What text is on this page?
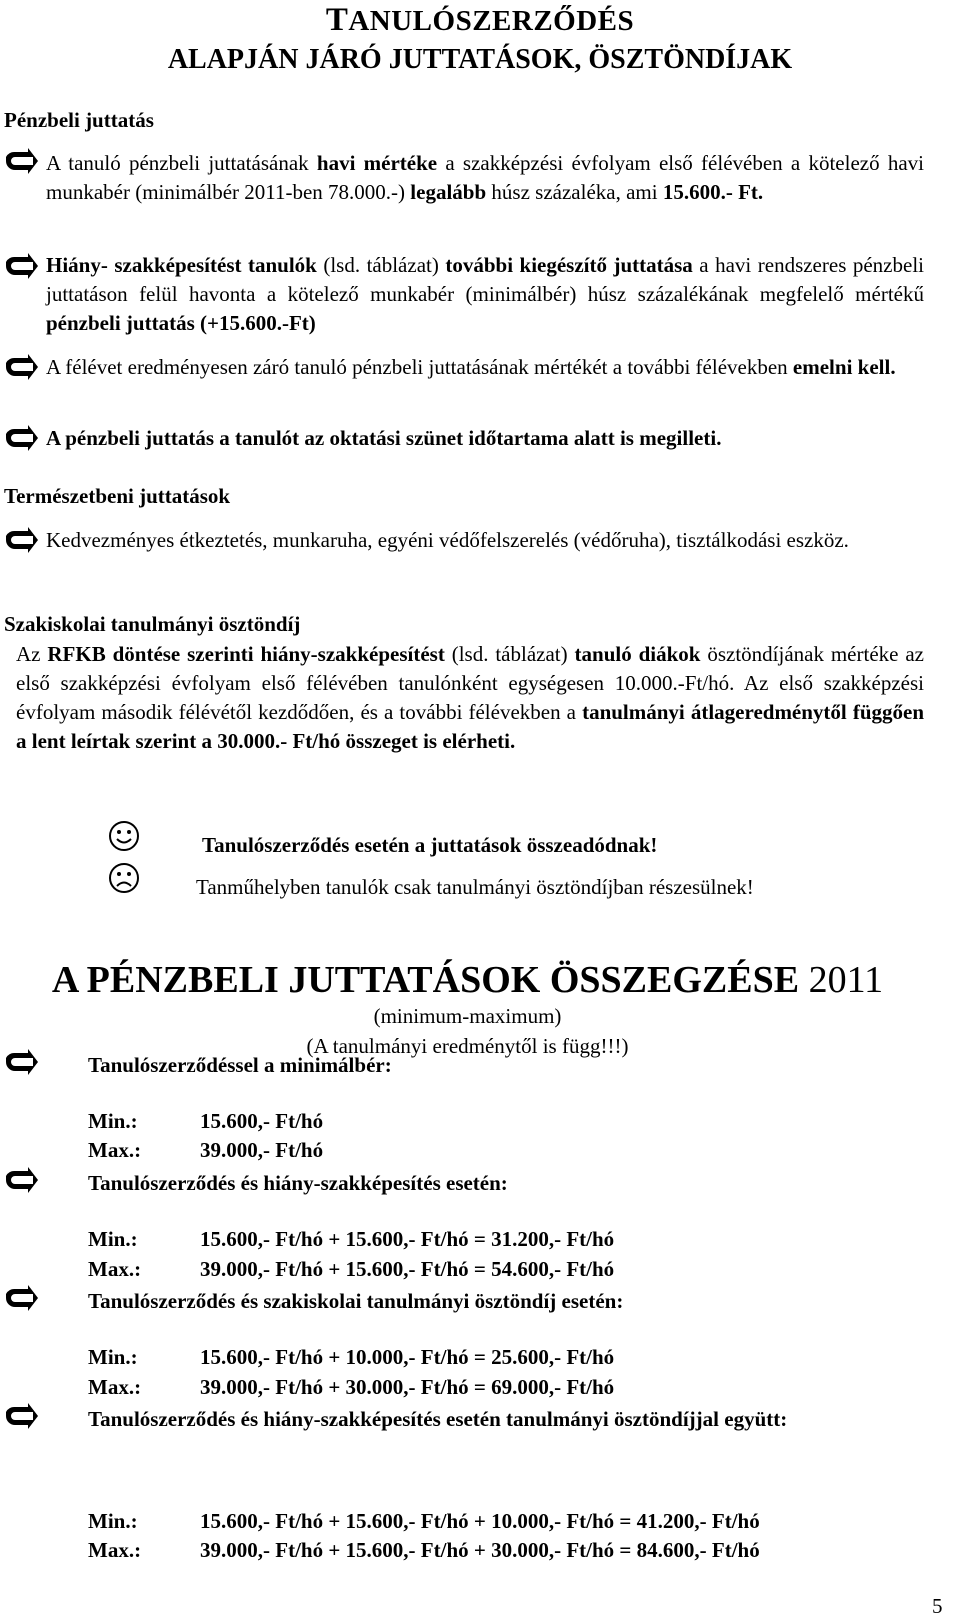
TANULÓSZERZŐDÉS
ALAPJÁN JÁRÓ JUTTATÁSOK, ÖSZTÖNDÍJAK
Pénzbeli juttatás
A tanuló pénzbeli juttatásának havi mértéke a szakképzési évfolyam első félévében a kötelező havi munkabér (minimálbér 2011-ben 78.000.-) legalább húsz százaléka, ami 15.600.- Ft.
Hiány- szakképesítést tanulók (lsd. táblázat) további kiegészítő juttatása a havi rendszeres pénzbeli juttatáson felül havonta a kötelező munkabér (minimálbér) húsz százalékának megfelelő mértékű pénzbeli juttatás (+15.600.-Ft)
A félévet eredményesen záró tanuló pénzbeli juttatásának mértékét a további félévekben emelni kell.
A pénzbeli juttatás a tanulót az oktatási szünet időtartama alatt is megilleti.
Természetbeni juttatások
Kedvezményes étkeztetés, munkaruha, egyéni védőfelszerelés (védőruha), tisztálkodási eszköz.
Szakiskolai tanulmányi ösztöndíj
Az RFKB döntése szerinti hiány-szakképesítést (lsd. táblázat) tanuló diákok ösztöndíjának mértéke az első szakképzési évfolyam első félévében tanulónként egységesen 10.000.-Ft/hó. Az első szakképzési évfolyam második félévétől kezdődően, és a további félévekben a tanulmányi átlageredménytől függően a lent leírtak szerint a 30.000.- Ft/hó összeget is elérheti.
Tanulószerződés esetén a juttatások összeadódnak!
Tanműhelyben tanulók csak tanulmányi ösztöndíjban részesülnek!
A PÉNZBELI JUTTATÁSOK ÖSSZEGZÉSE 2011
(minimum-maximum)
(A tanulmányi eredménytől is függ!!!)
Tanulószerződéssel a minimálbér:
Min.:	15.600,- Ft/hó
Max.:	39.000,- Ft/hó
Tanulószerződés és hiány-szakképesítés esetén:
Min.:	15.600,- Ft/hó + 15.600,- Ft/hó = 31.200,- Ft/hó
Max.:	39.000,- Ft/hó + 15.600,- Ft/hó = 54.600,- Ft/hó
Tanulószerződés és szakiskolai tanulmányi ösztöndíj esetén:
Min.:	15.600,- Ft/hó + 10.000,- Ft/hó = 25.600,- Ft/hó
Max.:	39.000,- Ft/hó + 30.000,- Ft/hó = 69.000,- Ft/hó
Tanulószerződés és hiány-szakképesítés esetén tanulmányi ösztöndíjjal együtt:
Min.:	15.600,- Ft/hó + 15.600,- Ft/hó + 10.000,- Ft/hó = 41.200,- Ft/hó
Max.:	39.000,- Ft/hó + 15.600,- Ft/hó + 30.000,- Ft/hó = 84.600,- Ft/hó
5
